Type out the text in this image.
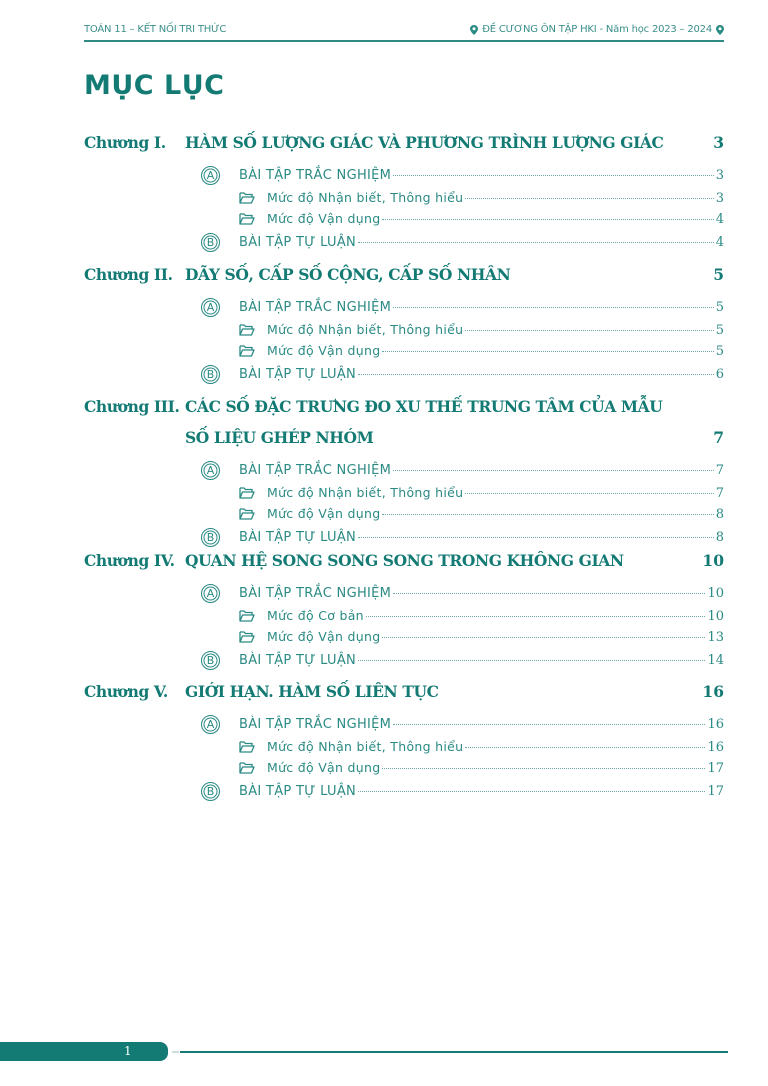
TOÁN 11 – KẾT NỐI TRI THỨC	ĐỀ CƯƠNG ÔN TẬP HKI - Năm học 2023 – 2024
MỤC LỤC
Chương I.	HÀM SỐ LƯỢNG GIÁC VÀ PHƯƠNG TRÌNH LƯỢNG GIÁC	3
A	BÀI TẬP TRẮC NGHIỆM	3
Mức độ Nhận biết, Thông hiểu	3
Mức độ Vận dụng	4
B	BÀI TẬP TỰ LUẬN	4
Chương II. DÃY SỐ, CẤP SỐ CỘNG, CẤP SỐ NHÂN	5
A	BÀI TẬP TRẮC NGHIỆM	5
Mức độ Nhận biết, Thông hiểu	5
Mức độ Vận dụng	5
B	BÀI TẬP TỰ LUẬN	6
Chương III. CÁC SỐ ĐẶC TRƯNG ĐO XU THẾ TRUNG TÂM CỦA MẪU SỐ LIỆU GHÉP NHÓM	7
A	BÀI TẬP TRẮC NGHIỆM	7
Mức độ Nhận biết, Thông hiểu	7
Mức độ Vận dụng	8
B	BÀI TẬP TỰ LUẬN	8
Chương IV. QUAN HỆ SONG SONG SONG TRONG KHÔNG GIAN	10
A	BÀI TẬP TRẮC NGHIỆM	10
Mức độ Cơ bản	10
Mức độ Vận dụng	13
B	BÀI TẬP TỰ LUẬN	14
Chương V.	GIỚI HẠN. HÀM SỐ LIÊN TỤC	16
A	BÀI TẬP TRẮC NGHIỆM	16
Mức độ Nhận biết, Thông hiểu	16
Mức độ Vận dụng	17
B	BÀI TẬP TỰ LUẬN	17
1
